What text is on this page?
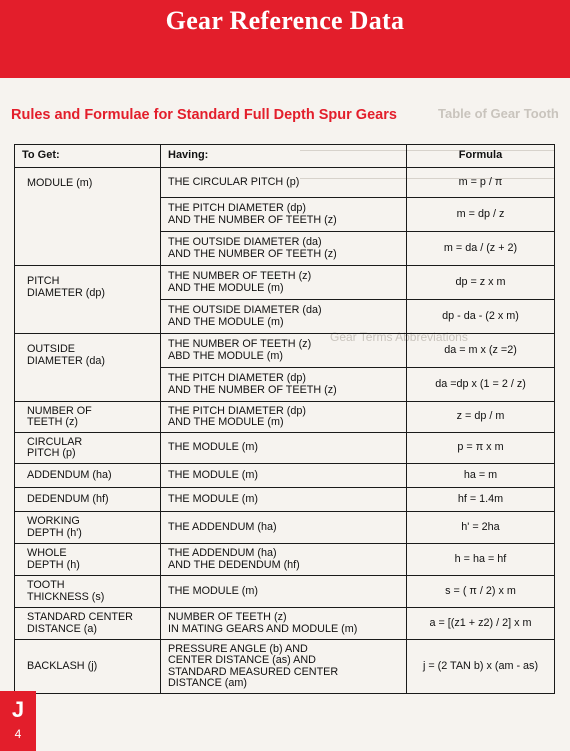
Gear Reference Data
Table of Gear Tooth
Gear Terms Abbreviations
Rules and Formulae for Standard Full Depth Spur Gears
To Get:	Having:	Formula
MODULE (m)	THE CIRCULAR PITCH (p)	m = p / π
	THE PITCH DIAMETER (dp)
AND THE NUMBER OF TEETH (z)	m = dp / z
	THE OUTSIDE DIAMETER (da)
AND THE NUMBER OF TEETH (z)	m = da / (z + 2)
PITCH
DIAMETER (dp)	THE NUMBER OF TEETH (z)
AND THE MODULE (m)	dp = z x m
	THE OUTSIDE DIAMETER (da)
AND THE MODULE (m)	dp - da - (2 x m)
OUTSIDE
DIAMETER (da)	THE NUMBER OF TEETH (z)
ABD THE MODULE (m)	da = m x (z =2)
	THE PITCH DIAMETER (dp)
AND THE NUMBER OF TEETH (z)	da =dp x (1 = 2 / z)
NUMBER OF
TEETH (z)	THE PITCH DIAMETER (dp)
AND THE MODULE (m)	z = dp / m
CIRCULAR
PITCH (p)	THE MODULE (m)	p = π x m
ADDENDUM (ha)	THE MODULE (m)	ha = m
DEDENDUM (hf)	THE MODULE (m)	hf = 1.4m
WORKING
DEPTH (h')	THE ADDENDUM (ha)	h' = 2ha
WHOLE
DEPTH (h)	THE ADDENDUM (ha)
AND THE DEDENDUM (hf)	h = ha = hf
TOOTH
THICKNESS (s)	THE MODULE (m)	s = ( π / 2) x m
STANDARD CENTER
DISTANCE (a)	NUMBER OF TEETH (z)
IN MATING GEARS AND MODULE (m)	a = [(z1 + z2) / 2] x m
BACKLASH (j)	PRESSURE ANGLE (b) AND
CENTER DISTANCE (as) AND
STANDARD MEASURED CENTER
DISTANCE (am)	j = (2 TAN b) x (am - as)
J
4
